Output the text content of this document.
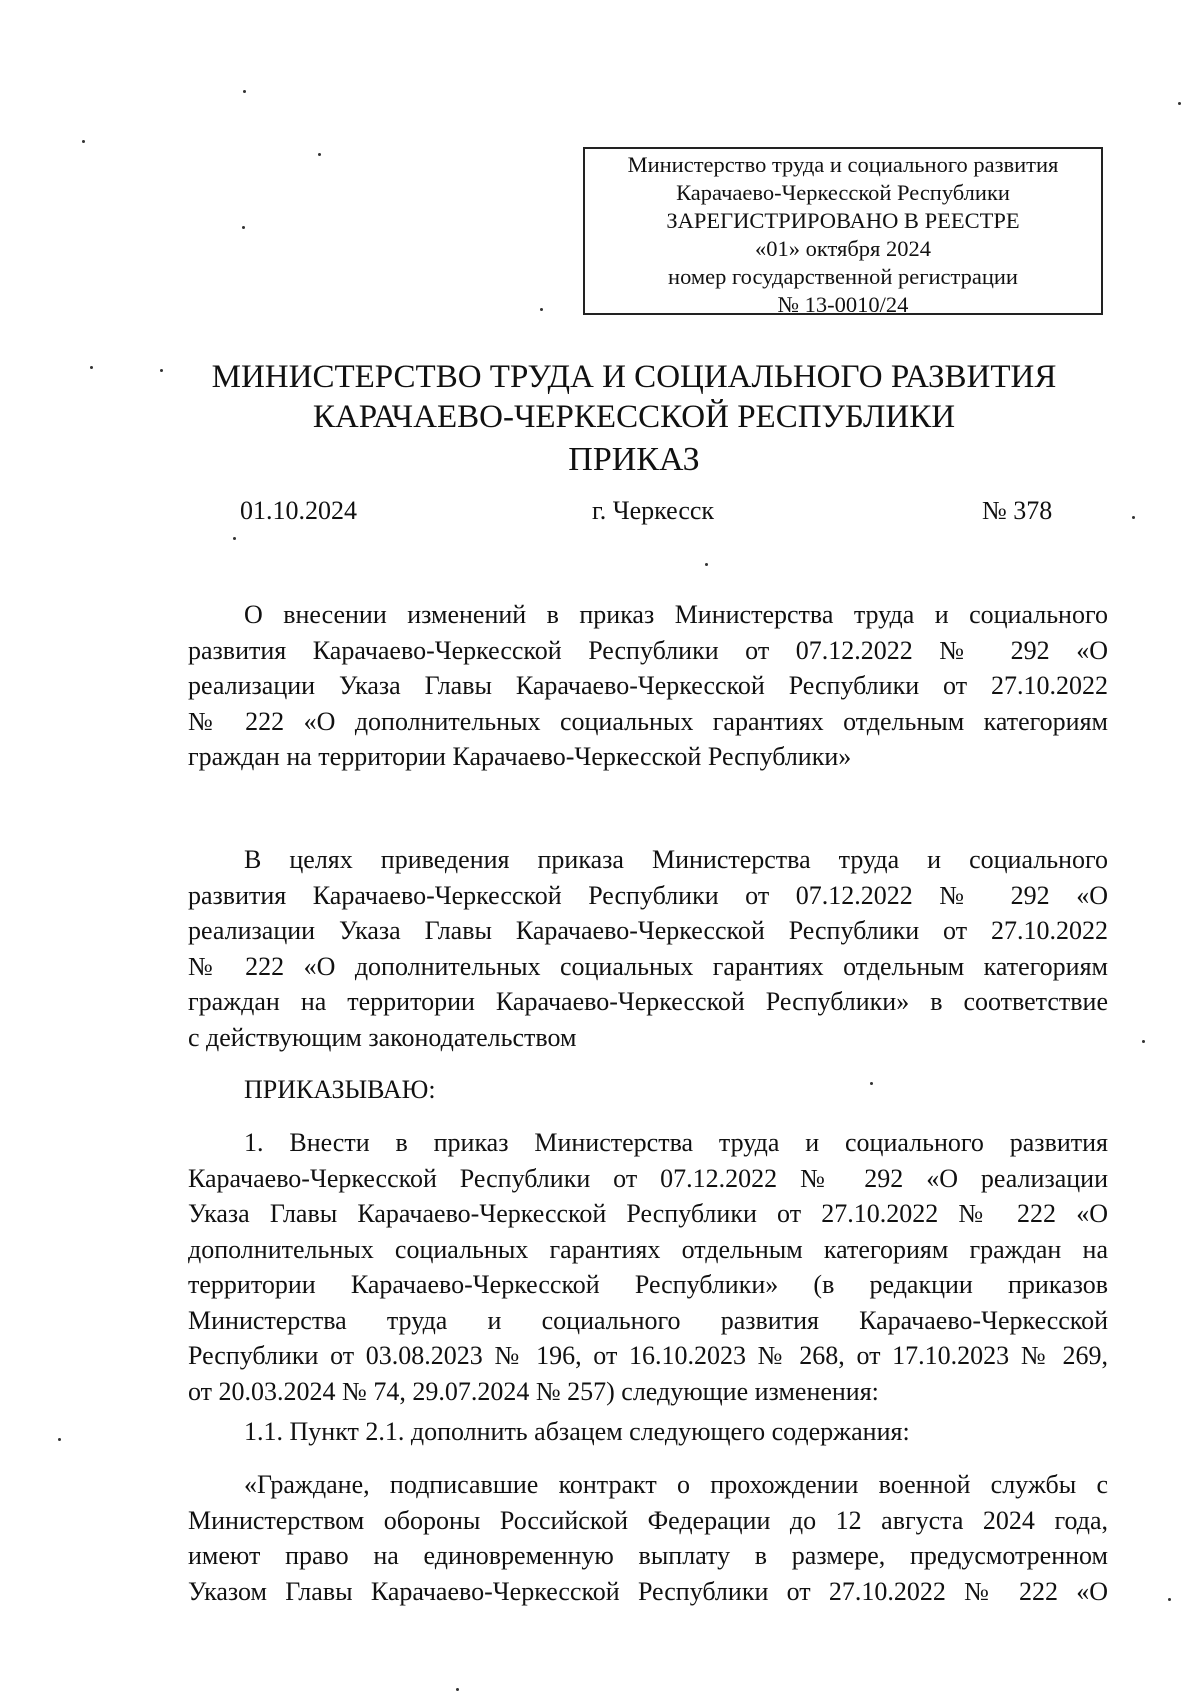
Министерство труда и социального развития
Карачаево-Черкесской Республики
ЗАРЕГИСТРИРОВАНО В РЕЕСТРЕ
«01» октября 2024
номер государственной регистрации
№ 13-0010/24
МИНИСТЕРСТВО ТРУДА И СОЦИАЛЬНОГО РАЗВИТИЯ
КАРАЧАЕВО-ЧЕРКЕССКОЙ РЕСПУБЛИКИ
ПРИКАЗ
01.10.2024	г. Черкесск	№ 378
О внесении изменений в приказ Министерства труда и социального
развития Карачаево-Черкесской Республики от 07.12.2022 № 292 «О
реализации Указа Главы Карачаево-Черкесской Республики от 27.10.2022
№ 222 «О дополнительных социальных гарантиях отдельным категориям
граждан на территории Карачаево-Черкесской Республики»
В целях приведения приказа Министерства труда и социального
развития Карачаево-Черкесской Республики от 07.12.2022 № 292 «О
реализации Указа Главы Карачаево-Черкесской Республики от 27.10.2022
№ 222 «О дополнительных социальных гарантиях отдельным категориям
граждан на территории Карачаево-Черкесской Республики» в соответствие
с действующим законодательством
ПРИКАЗЫВАЮ:
1. Внести в приказ Министерства труда и социального развития
Карачаево-Черкесской Республики от 07.12.2022 № 292 «О реализации
Указа Главы Карачаево-Черкесской Республики от 27.10.2022 № 222 «О
дополнительных социальных гарантиях отдельным категориям граждан на
территории Карачаево-Черкесской Республики» (в редакции приказов
Министерства труда и социального развития Карачаево-Черкесской
Республики от 03.08.2023 № 196, от 16.10.2023 № 268, от 17.10.2023 № 269,
от 20.03.2024 № 74, 29.07.2024 № 257) следующие изменения:
1.1. Пункт 2.1. дополнить абзацем следующего содержания:
«Граждане, подписавшие контракт о прохождении военной службы с
Министерством обороны Российской Федерации до 12 августа 2024 года,
имеют право на единовременную выплату в размере, предусмотренном
Указом Главы Карачаево-Черкесской Республики от 27.10.2022 № 222 «О
